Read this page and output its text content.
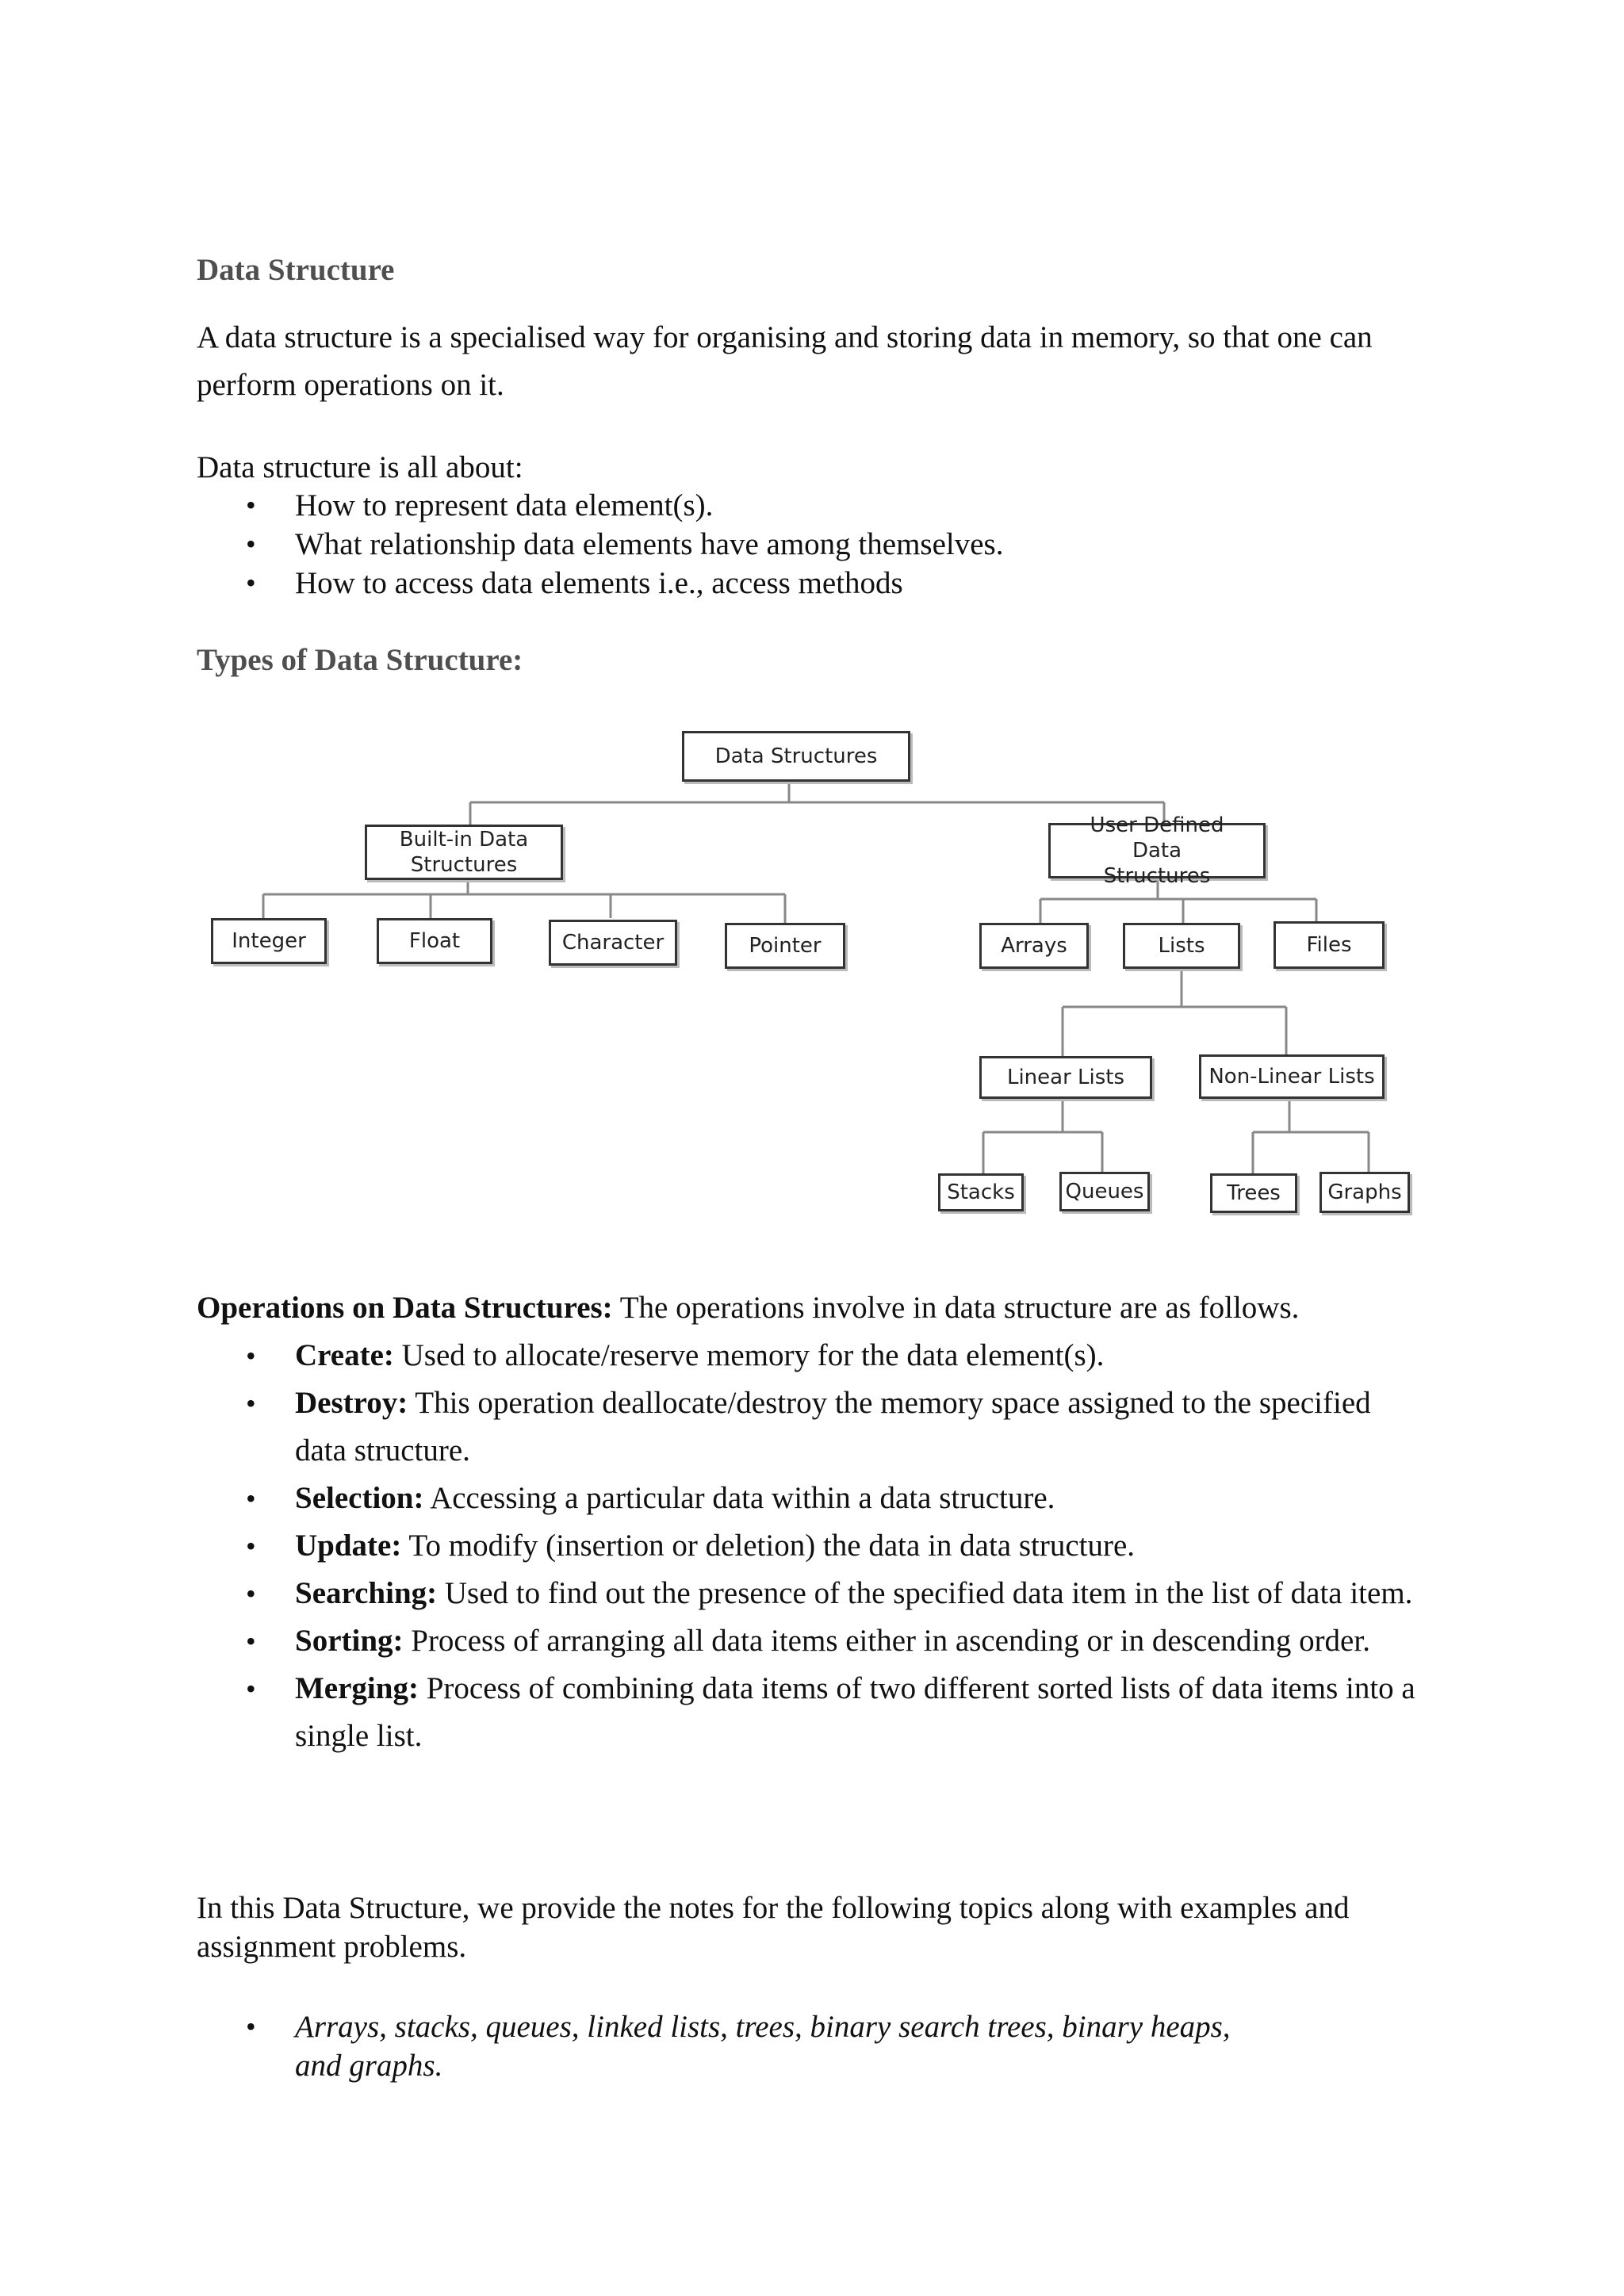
Data Structure

A data structure is a specialised way for organising and storing data in memory, so that one can perform operations on it.

Data structure is all about:

• How to represent data element(s).
• What relationship data elements have among themselves.
• How to access data elements i.e., access methods
Types of Data Structure:
Data Structures
Built-in Data Structures
User Defined Data Structures
Integer	Float	Character	Pointer	Arrays	Lists	Files
Linear Lists	Non-Linear Lists
Stacks	Queues	Trees	Graphs

Operations on Data Structures: The operations involve in data structure are as follows.

• Create: Used to allocate/reserve memory for the data element(s).
• Destroy: This operation deallocate/destroy the memory space assigned to the specified data structure.
• Selection: Accessing a particular data within a data structure.
• Update: To modify (insertion or deletion) the data in data structure.
• Searching: Used to find out the presence of the specified data item in the list of data item.
• Sorting: Process of arranging all data items either in ascending or in descending order.
• Merging: Process of combining data items of two different sorted lists of data items into a single list.

In this Data Structure, we provide the notes for the following topics along with examples and assignment problems.

• Arrays, stacks, queues, linked lists, trees, binary search trees, binary heaps,
and graphs.
